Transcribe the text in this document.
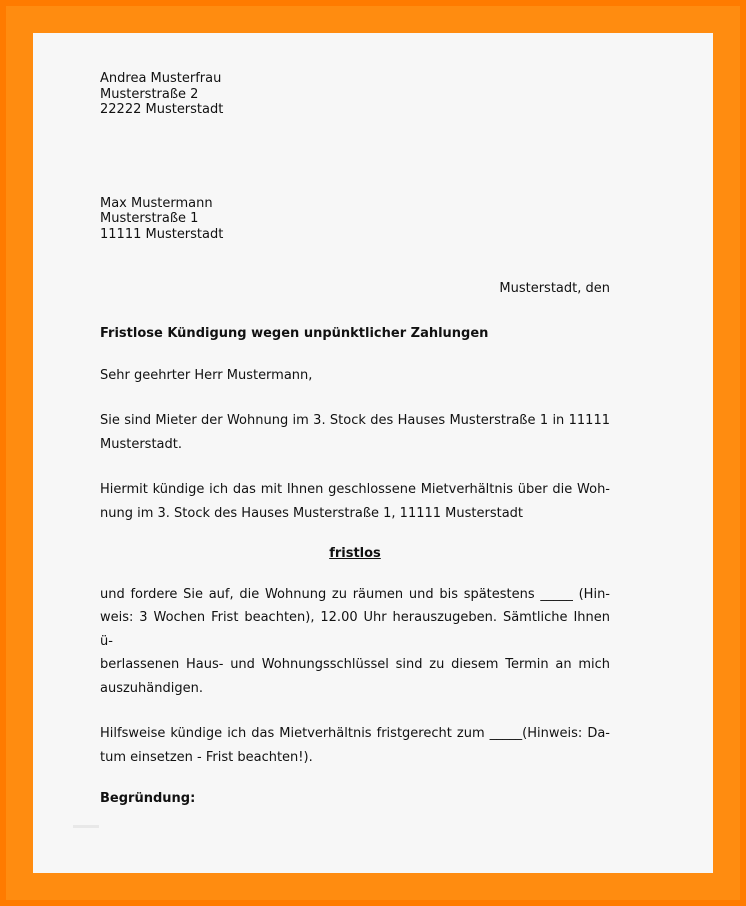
Andrea Musterfrau
Musterstraße 2
22222 Musterstadt
Max Mustermann
Musterstraße 1
11111 Musterstadt
Musterstadt, den
Fristlose Kündigung wegen unpünktlicher Zahlungen
Sehr geehrter Herr Mustermann,
Sie sind Mieter der Wohnung im 3. Stock des Hauses Musterstraße 1 in 11111
Musterstadt.
Hiermit kündige ich das mit Ihnen geschlossene Mietverhältnis über die Woh-
nung im 3. Stock des Hauses Musterstraße 1, 11111 Musterstadt
fristlos
und fordere Sie auf, die Wohnung zu räumen und bis spätestens _____ (Hin-
weis: 3 Wochen Frist beachten), 12.00 Uhr herauszugeben. Sämtliche Ihnen ü-
berlassenen Haus- und Wohnungsschlüssel sind zu diesem Termin an mich
auszuhändigen.
Hilfsweise kündige ich das Mietverhältnis fristgerecht zum _____(Hinweis: Da-
tum einsetzen - Frist beachten!).
Begründung:
